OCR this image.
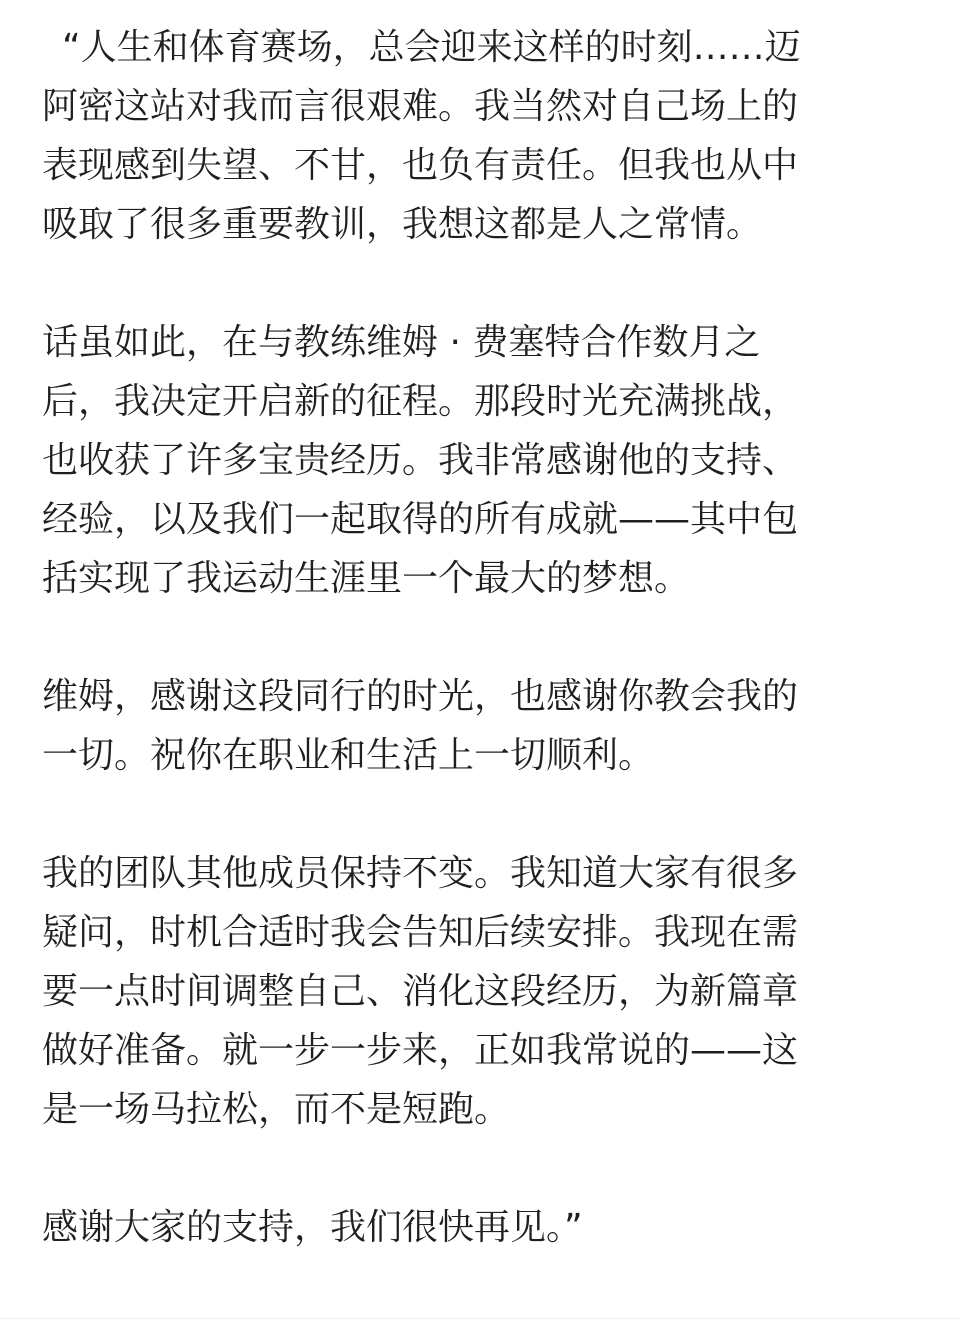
“人生和体育赛场，总会迎来这样的时刻……迈
阿密这站对我而言很艰难。我当然对自己场上的
表现感到失望、不甘，也负有责任。但我也从中
吸取了很多重要教训，我想这都是人之常情。

话虽如此，在与教练维姆 · 费塞特合作数月之
后，我决定开启新的征程。那段时光充满挑战，
也收获了许多宝贵经历。我非常感谢他的支持、
经验，以及我们一起取得的所有成就——其中包
括实现了我运动生涯里一个最大的梦想。

维姆，感谢这段同行的时光，也感谢你教会我的
一切。祝你在职业和生活上一切顺利。

我的团队其他成员保持不变。我知道大家有很多
疑问，时机合适时我会告知后续安排。我现在需
要一点时间调整自己、消化这段经历，为新篇章
做好准备。就一步一步来，正如我常说的——这
是一场马拉松，而不是短跑。

感谢大家的支持，我们很快再见。”
